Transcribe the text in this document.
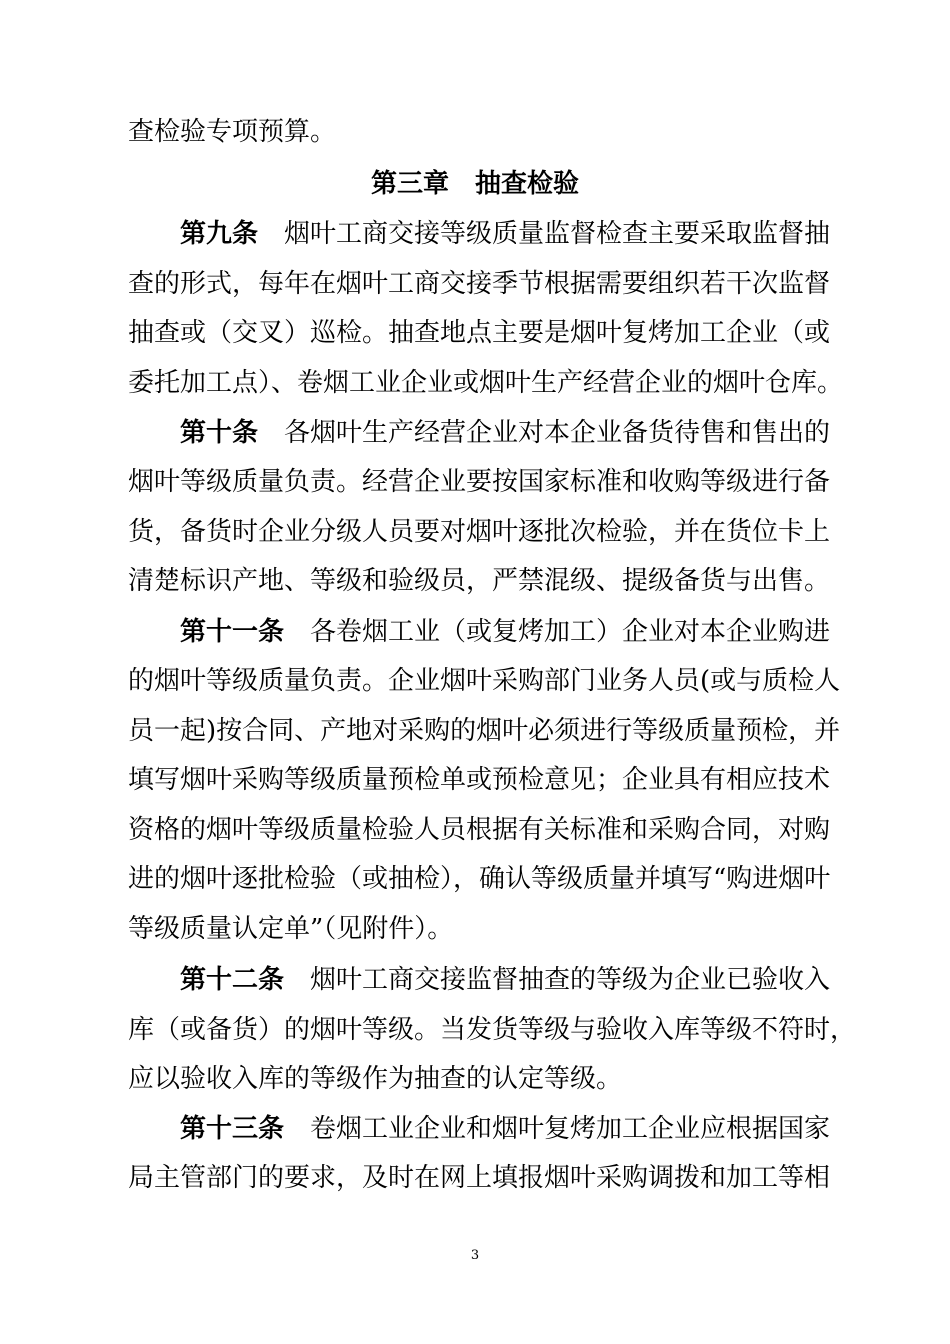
查检验专项预算。
第三章　抽查检验
第九条 烟叶工商交接等级质量监督检查主要采取监督抽
查的形式，每年在烟叶工商交接季节根据需要组织若干次监督
抽查或（交叉）巡检。抽查地点主要是烟叶复烤加工企业（或
委托加工点）、卷烟工业企业或烟叶生产经营企业的烟叶仓库。
第十条 各烟叶生产经营企业对本企业备货待售和售出的
烟叶等级质量负责。经营企业要按国家标准和收购等级进行备
货，备货时企业分级人员要对烟叶逐批次检验，并在货位卡上
清楚标识产地、等级和验级员，严禁混级、提级备货与出售。
第十一条 各卷烟工业（或复烤加工）企业对本企业购进
的烟叶等级质量负责。企业烟叶采购部门业务人员(或与质检人
员一起)按合同、产地对采购的烟叶必须进行等级质量预检，并
填写烟叶采购等级质量预检单或预检意见；企业具有相应技术
资格的烟叶等级质量检验人员根据有关标准和采购合同，对购
进的烟叶逐批检验（或抽检），确认等级质量并填写“购进烟叶
等级质量认定单”（见附件）。
第十二条 烟叶工商交接监督抽查的等级为企业已验收入
库（或备货）的烟叶等级。当发货等级与验收入库等级不符时，
应以验收入库的等级作为抽查的认定等级。
第十三条 卷烟工业企业和烟叶复烤加工企业应根据国家
局主管部门的要求，及时在网上填报烟叶采购调拨和加工等相
3
